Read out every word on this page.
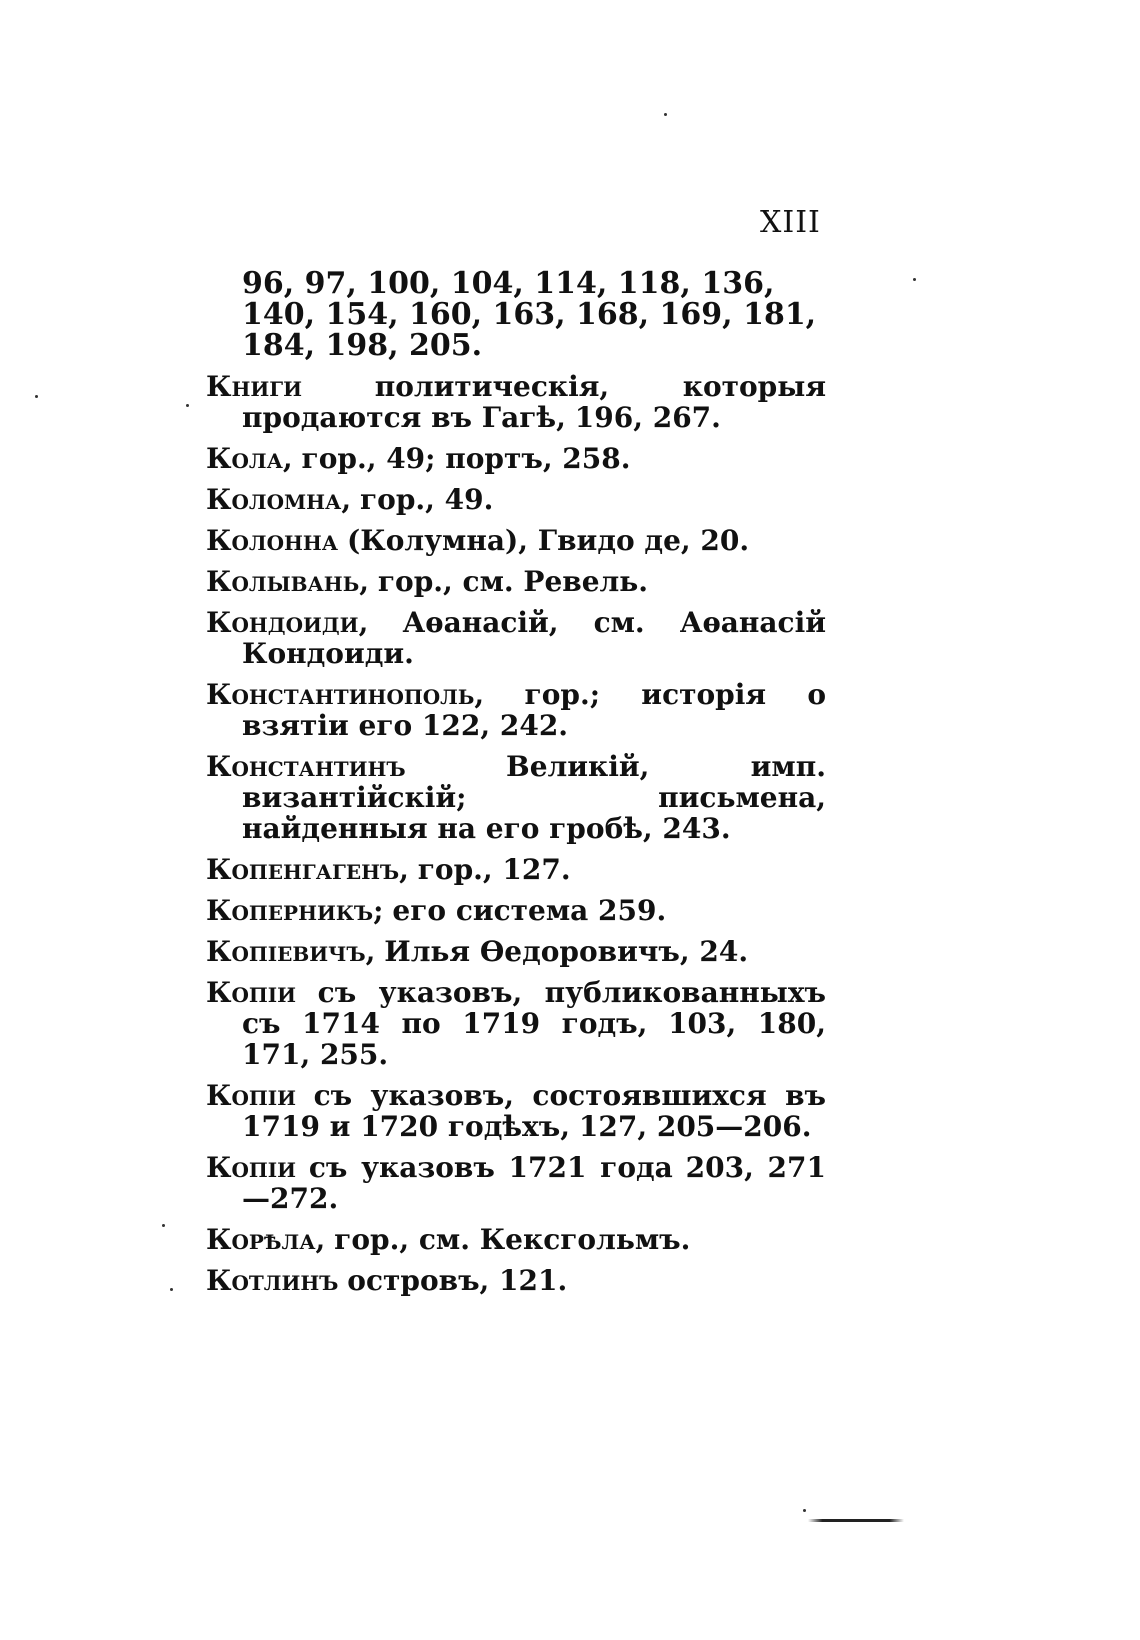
XIII
96, 97, 100, 104, 114, 118, 136, 140, 154, 160, 163, 168, 169, 181, 184, 198, 205.
Книги	политическія, которыя продаются въ Гагѣ, 196, 267.
Кола, гор., 49; портъ, 258.
Коломна, гор., 49.
Колонна (Колумна), Гвидо де, 20.
Колывань, гор., см. Ревель.
Кондоиди, Аѳанасій, см. Аѳанасій Кондоиди.
Константинополь, гор.; исторія о взятіи его 122, 242.
Константинъ	Великій, имп. византійскій; письмена, найденныя на его гробѣ, 243.
Копенгагенъ, гор., 127.
Коперникъ; его система 259.
Копіевичъ, Илья Ѳедоровичъ, 24.
Копіи съ указовъ, публикованныхъ съ 1714 по 1719 годъ, 103, 180, 171, 255.
Копіи съ указовъ, состоявшихся въ 1719 и 1720 годѣхъ, 127, 205—206.
Копіи съ указовъ 1721 года 203, 271—272.
Корѣла, гор., см. Кексгольмъ.
Котлинъ островъ, 121.
